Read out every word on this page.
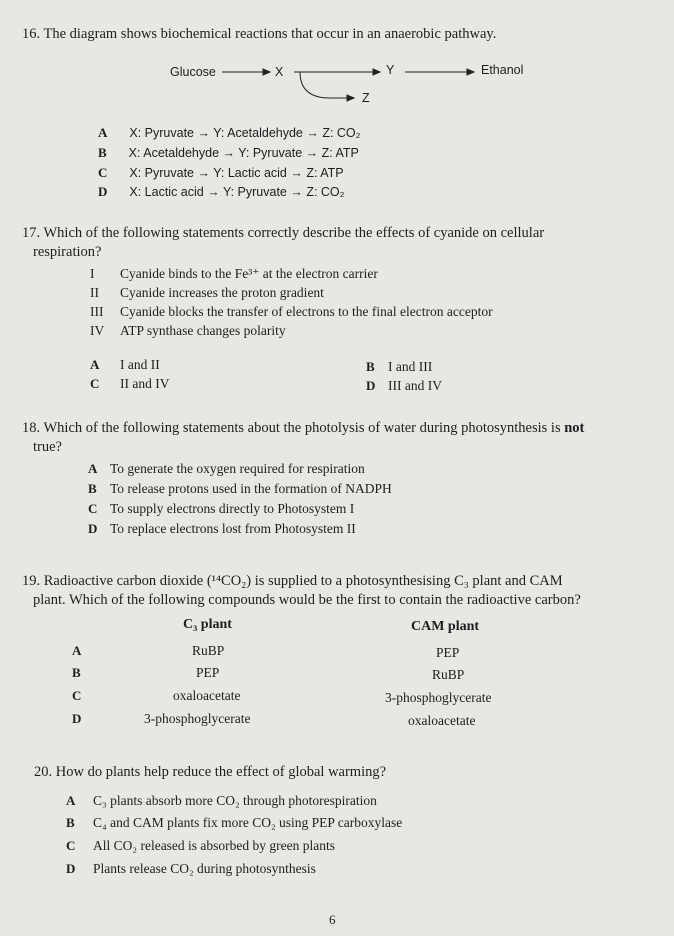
16. The diagram shows biochemical reactions that occur in an anaerobic pathway.
Glucose	X	Y	Ethanol
Z
A X: Pyruvate → Y: Acetaldehyde → Z: CO₂
B X: Acetaldehyde → Y: Pyruvate → Z: ATP
C X: Pyruvate → Y: Lactic acid → Z: ATP
D X: Lactic acid → Y: Pyruvate → Z: CO₂
17. Which of the following statements correctly describe the effects of cyanide on cellular
respiration?
I Cyanide binds to the Fe³⁺ at the electron carrier
II Cyanide increases the proton gradient
III Cyanide blocks the transfer of electrons to the final electron acceptor
IV ATP synthase changes polarity
A I and II	B I and III
C II and IV	D III and IV
18. Which of the following statements about the photolysis of water during photosynthesis is not
true?
A To generate the oxygen required for respiration
B To release protons used in the formation of NADPH
C To supply electrons directly to Photosystem I
D To replace electrons lost from Photosystem II
19. Radioactive carbon dioxide (¹⁴CO₂) is supplied to a photosynthesising C₃ plant and CAM
plant. Which of the following compounds would be the first to contain the radioactive carbon?
C₃ plant	CAM plant
A	RuBP	PEP
B	PEP	RuBP
C	oxaloacetate	3-phosphoglycerate
D	3-phosphoglycerate	oxaloacetate
20. How do plants help reduce the effect of global warming?
A C₃ plants absorb more CO₂ through photorespiration
B C₄ and CAM plants fix more CO₂ using PEP carboxylase
C All CO₂ released is absorbed by green plants
D Plants release CO₂ during photosynthesis
6
